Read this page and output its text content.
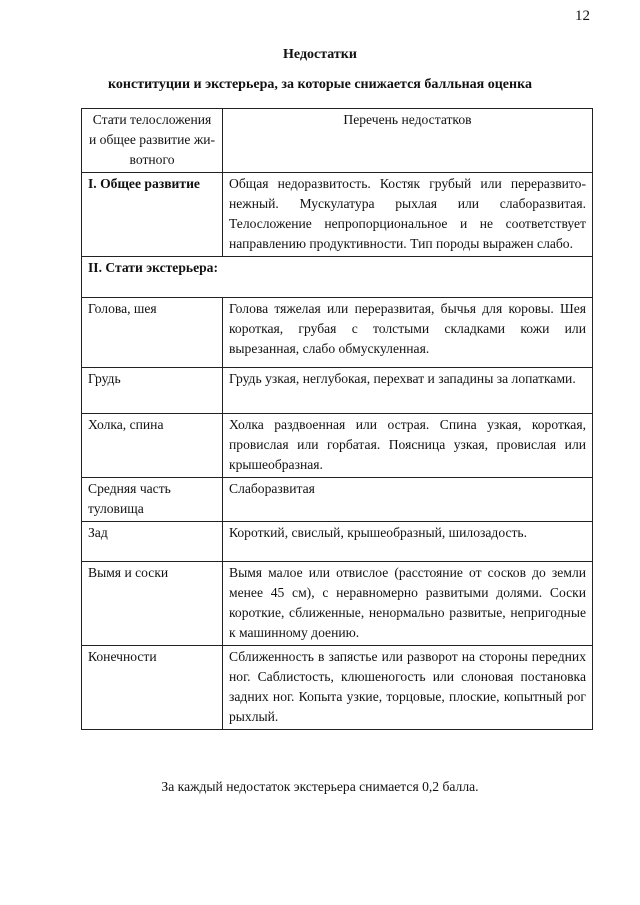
12
Недостатки
конституции и экстерьера, за которые снижается балльная оценка
Стати телосложения и общее развитие жи-вотного	Перечень недостатков
I. Общее развитие	Общая недоразвитость. Костяк грубый или переразвито-нежный. Мускулатура рыхлая или слаборазвитая. Телосложение непропорциональное и не соответствует направлению продуктивности. Тип породы выражен слабо.
II. Стати экстерьера:	
Голова, шея	Голова тяжелая или переразвитая, бычья для коровы. Шея короткая, грубая с толстыми складками кожи или вырезанная, слабо обмускуленная.
Грудь	Грудь узкая, неглубокая, перехват и западины за лопатками.
Холка, спина	Холка раздвоенная или острая. Спина узкая, короткая, провислая или горбатая. Поясница узкая, провислая или крышеобразная.
Средняя часть туловища	Слаборазвитая
Зад	Короткий, свислый, крышеобразный, шилозадость.
Вымя и соски	Вымя малое или отвислое (расстояние от сосков до земли менее 45 см), с неравномерно развитыми долями. Соски короткие, сближенные, ненормально развитые, непригодные к машинному доению.
Конечности	Сближенность в запястье или разворот на стороны передних ног. Саблистость, клюшеногость или слоновая постановка задних ног. Копыта узкие, торцовые, плоские, копытный рог рыхлый.
За каждый недостаток экстерьера снимается 0,2 балла.
